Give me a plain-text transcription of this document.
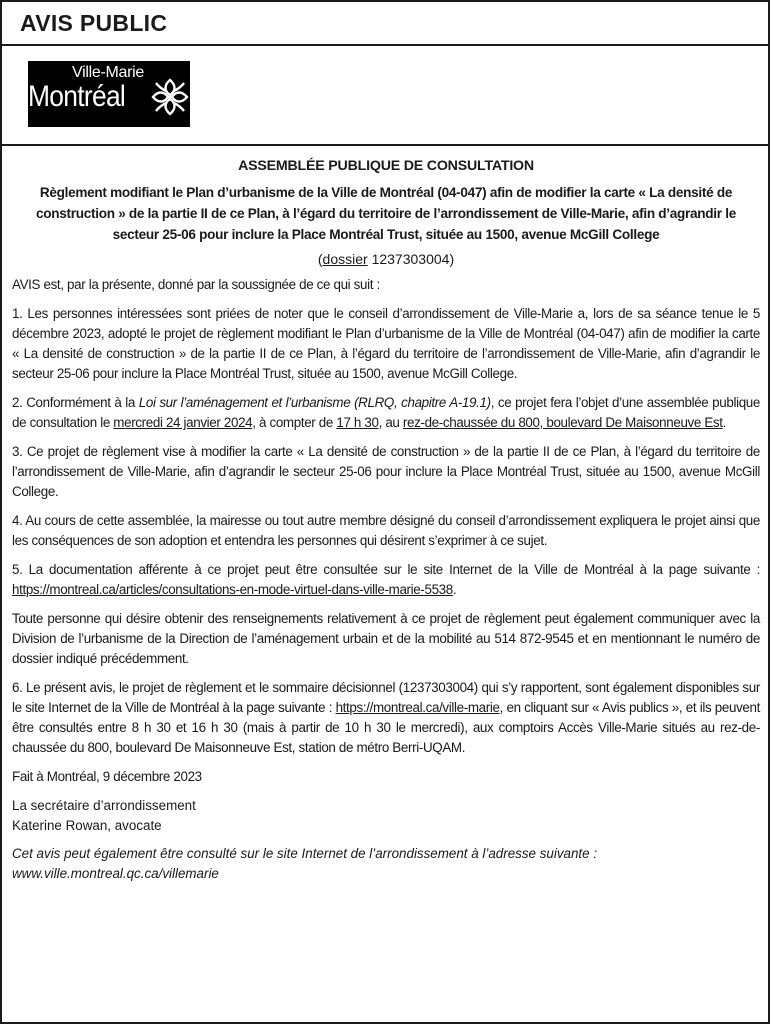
AVIS PUBLIC
Ville-Marie
Montréal
ASSEMBLÉE PUBLIQUE DE CONSULTATION
Règlement modifiant le Plan d’urbanisme de la Ville de Montréal (04-047) afin de modifier la carte « La densité de construction » de la partie II de ce Plan, à l’égard du territoire de l’arrondissement de Ville-Marie, afin d’agrandir le secteur 25-06 pour inclure la Place Montréal Trust, située au 1500, avenue McGill College
(dossier 1237303004)

AVIS est, par la présente, donné par la soussignée de ce qui suit :

1. Les personnes intéressées sont priées de noter que le conseil d’arrondissement de Ville-Marie a, lors de sa séance tenue le 5 décembre 2023, adopté le projet de règlement modifiant le Plan d’urbanisme de la Ville de Montréal (04-047) afin de modifier la carte « La densité de construction » de la partie II de ce Plan, à l’égard du territoire de l’arrondissement de Ville-Marie, afin d’agrandir le secteur 25-06 pour inclure la Place Montréal Trust, située au 1500, avenue McGill College.

2. Conformément à la Loi sur l’aménagement et l’urbanisme (RLRQ, chapitre A-19.1), ce projet fera l’objet d’une assemblée publique de consultation le mercredi 24 janvier 2024, à compter de 17 h 30, au rez-de-chaussée du 800, boulevard De Maisonneuve Est.

3. Ce projet de règlement vise à modifier la carte « La densité de construction » de la partie II de ce Plan, à l’égard du territoire de l’arrondissement de Ville-Marie, afin d’agrandir le secteur 25-06 pour inclure la Place Montréal Trust, située au 1500, avenue McGill College.

4. Au cours de cette assemblée, la mairesse ou tout autre membre désigné du conseil d’arrondissement expliquera le projet ainsi que les conséquences de son adoption et entendra les personnes qui désirent s’exprimer à ce sujet.

5. La documentation afférente à ce projet peut être consultée sur le site Internet de la Ville de Montréal à la page suivante : https://montreal.ca/articles/consultations-en-mode-virtuel-dans-ville-marie-5538.

Toute personne qui désire obtenir des renseignements relativement à ce projet de règlement peut également communiquer avec la Division de l’urbanisme de la Direction de l’aménagement urbain et de la mobilité au 514 872-9545 et en mentionnant le numéro de dossier indiqué précédemment.

6. Le présent avis, le projet de règlement et le sommaire décisionnel (1237303004) qui s’y rapportent, sont également disponibles sur le site Internet de la Ville de Montréal à la page suivante : https://montreal.ca/ville-marie, en cliquant sur « Avis publics », et ils peuvent être consultés entre 8 h 30 et 16 h 30 (mais à partir de 10 h 30 le mercredi), aux comptoirs Accès Ville-Marie situés au rez-de-chaussée du 800, boulevard De Maisonneuve Est, station de métro Berri-UQAM.

Fait à Montréal, 9 décembre 2023

La secrétaire d’arrondissement
Katerine Rowan, avocate
Cet avis peut également être consulté sur le site Internet de l’arrondissement à l’adresse suivante : www.ville.montreal.qc.ca/villemarie
